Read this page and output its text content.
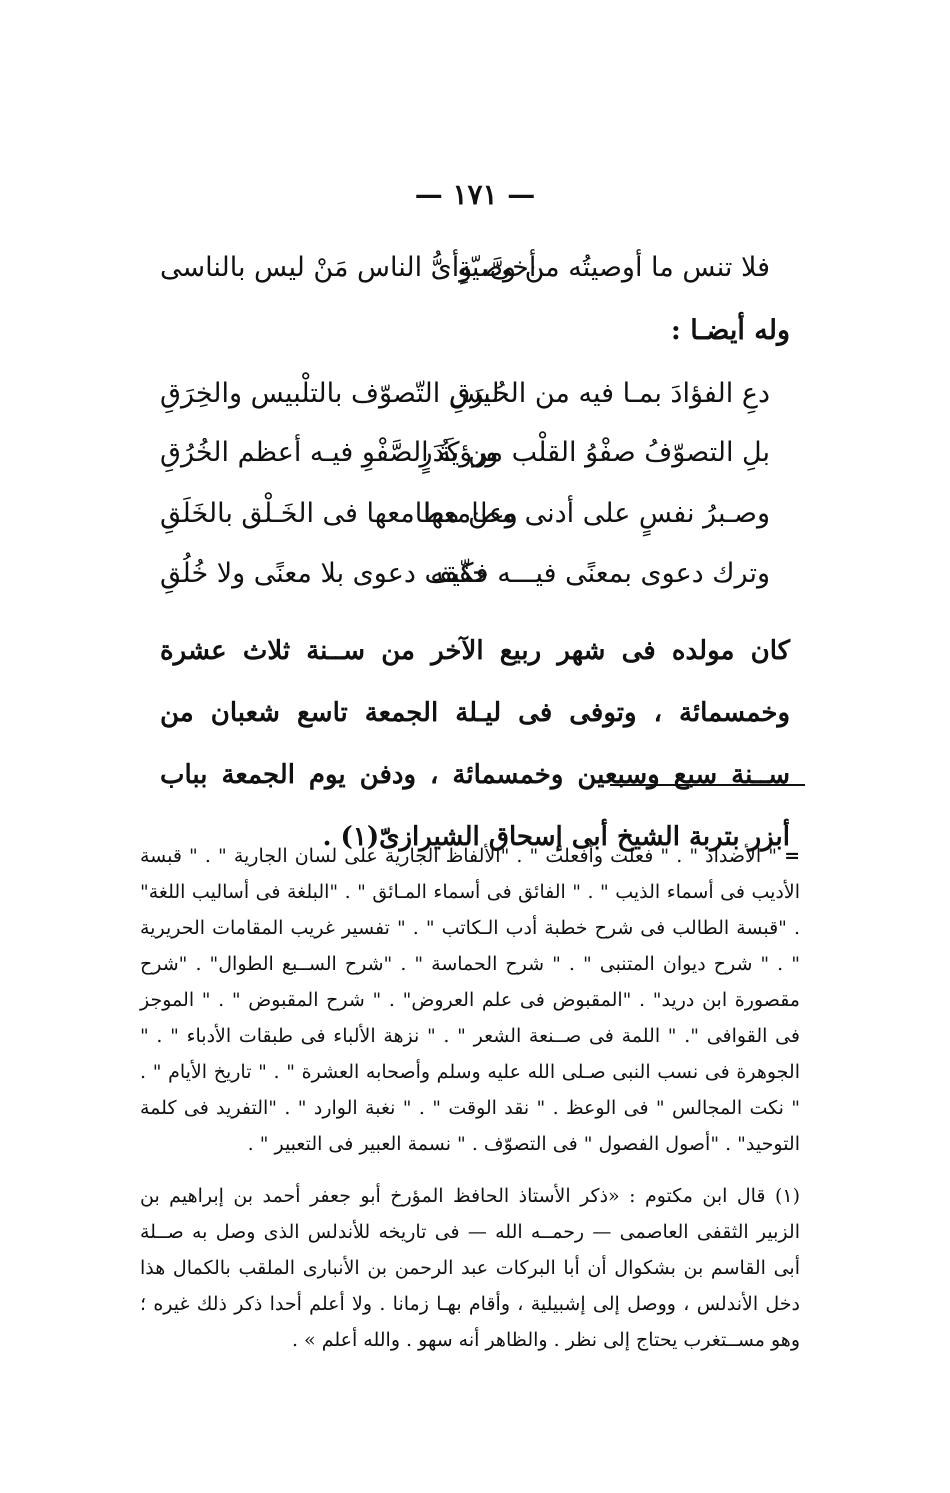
— ١٧١ —
فلا تنس ما أوصيتُه من وصيّةٍ
أخىَّ، وأىُّ الناس مَنْ ليس بالناسى
وله أيضـا :
دعِ الفؤادَ بمـا فيه من الحُـرَقِ
ليس التّصوّف بالتلْبيس والخِرَقِ
بلِ التصوّفُ صفْوُ القلْب من كَدَرٍ
ورؤيةُ الصَّفْوِ فيـه أعظم الخُرُقِ
وصـبرُ نفسٍ على أدنى مطامعها
وعن مطامعها فى الخَـلْق بالخَلَقِ
وترك دعوى بمعنًى فيـــه حقّقه
فكيف دعوى بلا معنًى ولا خُلُقِ
كان مولده فى شهر ربيع الآخر من ســنة ثلاث عشرة وخمسمائة ، وتوفى فى ليـلة الجمعة تاسع شعبان من ســنة سبع وسبعين وخمسمائة ، ودفن يوم الجمعة بباب أبزر بتربة الشيخ أبى إسحاق الشيرازىّ(١) .

= " الأضداد " . " فعلت وأفعلت " . "الألفاظ الجارية على لسان الجارية " . " قبسة الأديب فى أسماء الذيب " . " الفائق فى أسماء المـائق " . "البلغة فى أساليب اللغة" . "قبسة الطالب فى شرح خطبة أدب الـكاتب " . " تفسير غريب المقامات الحريرية " . " شرح ديوان المتنبى " . " شرح الحماسة " . "شرح الســبع الطوال" . "شرح مقصورة ابن دريد" . "المقبوض فى علم العروض" . " شرح المقبوض " . " الموجز فى القوافى ". " اللمة فى صــنعة الشعر " . " نزهة الألباء فى طبقات الأدباء " . " الجوهرة فى نسب النبى صـلى الله عليه وسلم وأصحابه العشرة " . " تاريخ الأيام " . " نكت المجالس " فى الوعظ . " نقد الوقت " . " نغبة الوارد " . "التفريد فى كلمة التوحيد" . "أصول الفصول " فى التصوّف . " نسمة العبير فى التعبير " .

(١) قال ابن مكتوم : «ذكر الأستاذ الحافظ المؤرخ أبو جعفر أحمد بن إبراهيم بن الزبير الثقفى العاصمى — رحمــه الله — فى تاريخه للأندلس الذى وصل به صــلة أبى القاسم بن بشكوال أن أبا البركات عبد الرحمن بن الأنبارى الملقب بالكمال هذا دخل الأندلس ، ووصل إلى إشبيلية ، وأقام بهـا زمانا . ولا أعلم أحدا ذكر ذلك غيره ؛ وهو مســتغرب يحتاج إلى نظر . والظاهر أنه سهو . والله أعلم » .
